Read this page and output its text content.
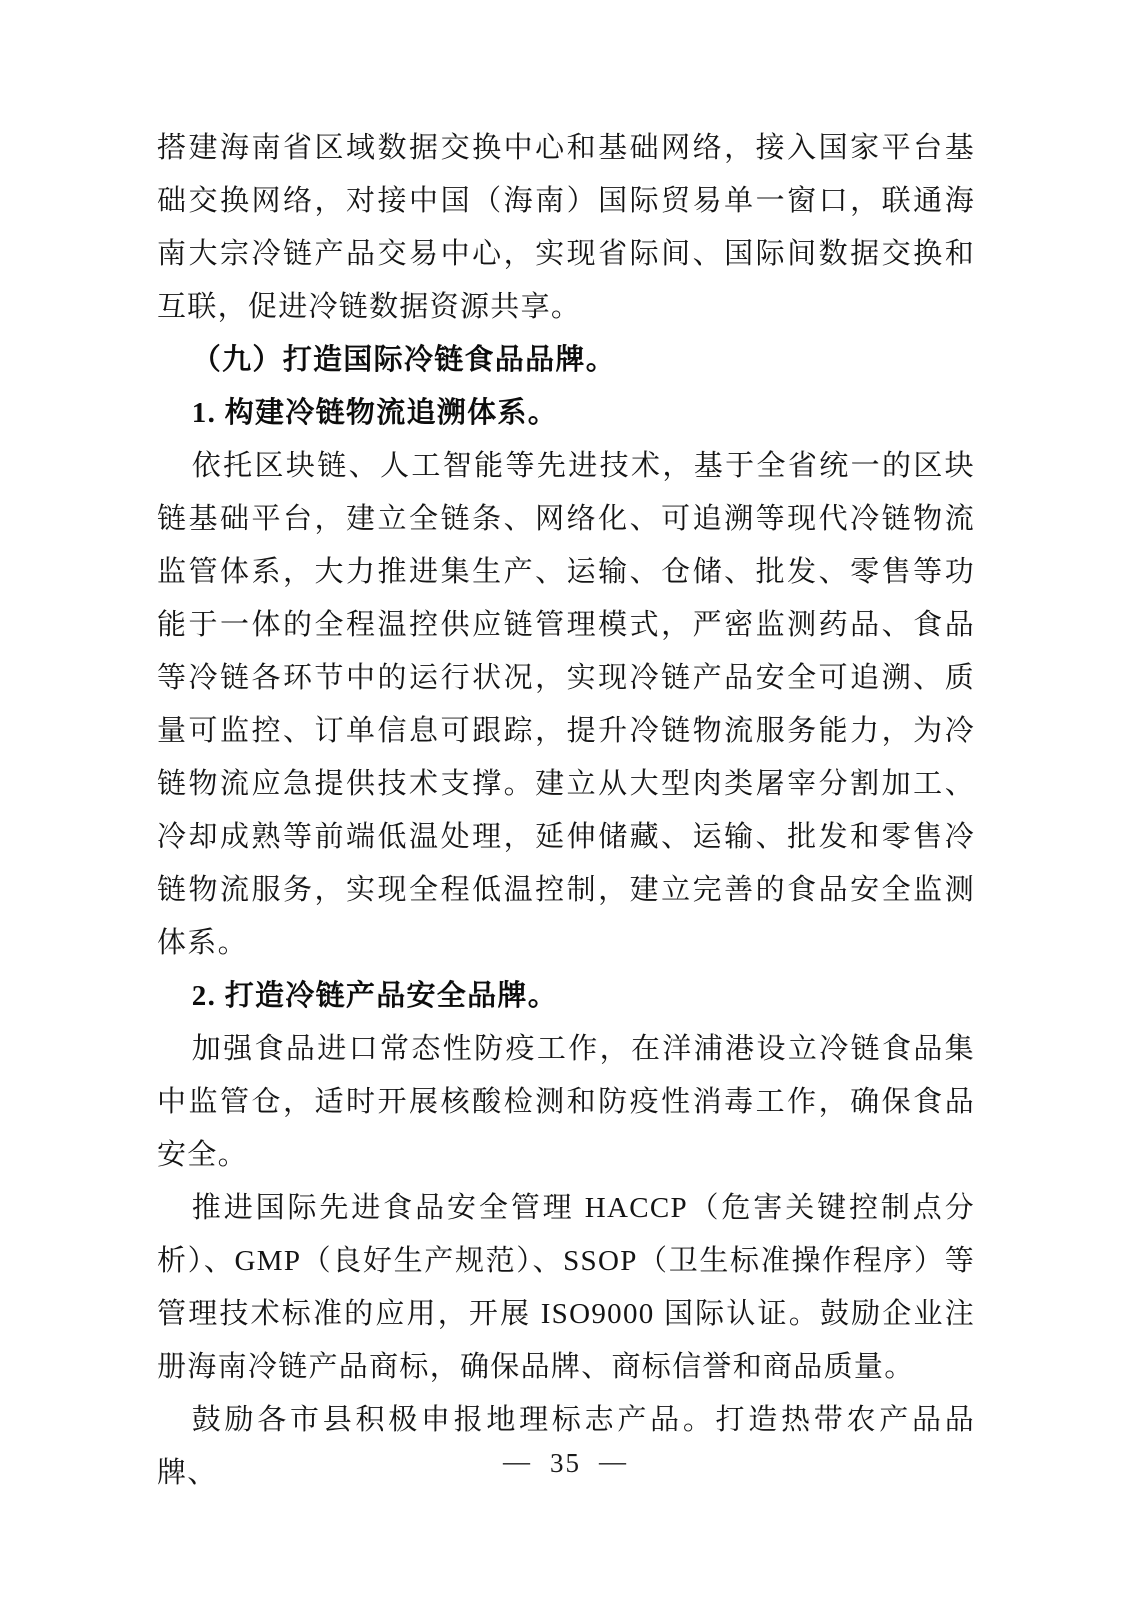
搭建海南省区域数据交换中心和基础网络，接入国家平台基础交换网络，对接中国（海南）国际贸易单一窗口，联通海南大宗冷链产品交易中心，实现省际间、国际间数据交换和互联，促进冷链数据资源共享。

（九）打造国际冷链食品品牌。

1. 构建冷链物流追溯体系。

依托区块链、人工智能等先进技术，基于全省统一的区块链基础平台，建立全链条、网络化、可追溯等现代冷链物流监管体系，大力推进集生产、运输、仓储、批发、零售等功能于一体的全程温控供应链管理模式，严密监测药品、食品等冷链各环节中的运行状况，实现冷链产品安全可追溯、质量可监控、订单信息可跟踪，提升冷链物流服务能力，为冷链物流应急提供技术支撑。建立从大型肉类屠宰分割加工、冷却成熟等前端低温处理，延伸储藏、运输、批发和零售冷链物流服务，实现全程低温控制，建立完善的食品安全监测体系。

2. 打造冷链产品安全品牌。

加强食品进口常态性防疫工作，在洋浦港设立冷链食品集中监管仓，适时开展核酸检测和防疫性消毒工作，确保食品安全。

推进国际先进食品安全管理 HACCP（危害关键控制点分析）、GMP（良好生产规范）、SSOP（卫生标准操作程序）等管理技术标准的应用，开展 ISO9000 国际认证。鼓励企业注册海南冷链产品商标，确保品牌、商标信誉和商品质量。

鼓励各市县积极申报地理标志产品。打造热带农产品品牌、	— 35 —
